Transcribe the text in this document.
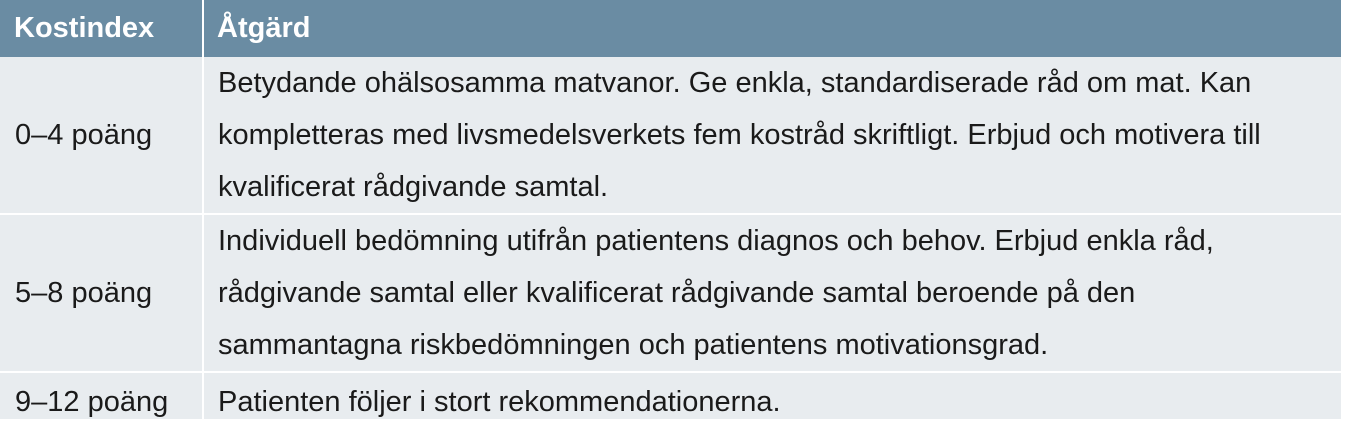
Kostindex	Åtgärd
0–4 poäng	Betydande ohälsosamma matvanor. Ge enkla, standardiserade råd om mat. Kan kompletteras med livsmedelsverkets fem kostråd skriftligt. Erbjud och motivera till kvalificerat rådgivande samtal.
5–8 poäng	Individuell bedömning utifrån patientens diagnos och behov. Erbjud enkla råd, rådgivande samtal eller kvalificerat rådgivande samtal beroende på den sammantagna riskbedömningen och patientens motivationsgrad.
9–12 poäng	Patienten följer i stort rekommendationerna.
